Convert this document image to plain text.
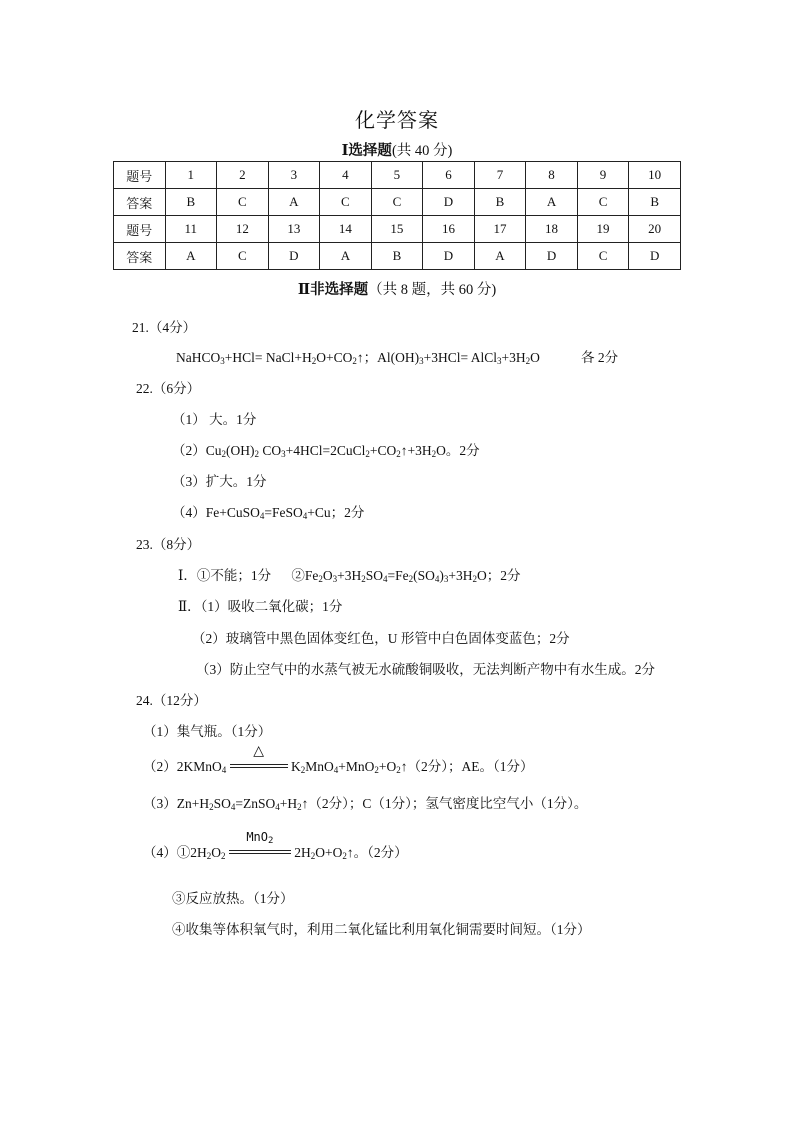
化学答案
Ⅰ选择题(共 40 分)
题号	1	2	3	4	5	6	7	8	9	10
答案	B	C	A	C	C	D	B	A	C	B
题号	11	12	13	14	15	16	17	18	19	20
答案	A	C	D	A	B	D	A	D	C	D
Ⅱ非选择题（共 8 题，共 60 分)
21.（4分）
NaHCO$_3$+HCl= $NaCl+H_2O+CO_2↑$；$Al(OH)_3+3HCl=$ $AlCl_3+3H_2O$	各 2分
22.（6分）
（1） 大。1分
$(2)Cu_2(OH)_2$ $CO_3+4HCl=2CuCl_2+CO_2↑+3H_2O$。2分
（3）扩大。1分
（4）Fe+CuSO$_4$=FeSO$_4$+Cu；2分
23.（8分）
Ⅰ．①不能；1分      $②Fe_2O_3+3H_2SO_4=Fe_2(SO_4)_3+3H_2O$；2分
Ⅱ．（1）吸收二氧化碳；1分
（2）玻璃管中黑色固体变红色，U 形管中白色固体变蓝色；2分
（3）防止空气中的水蒸气被无水硫酸铜吸收，无法判断产物中有水生成。2分
24.（12分）
（1）集气瓶。（1分）
（2）2KMnO$_4$
△
$K_2MnO_4+MnO_2+O_2↑(2$分）；AE。（1分）
$(3)Zn+H_2SO_4=ZnSO_4+H_2↑(2$分）；C（1分）；氢气密度比空气小（1分）。
$(4)①2H_2O_2$
MnO$_2$
$2H_2O+O_2↑$。（2分）
③反应放热。（1分）
④收集等体积氧气时，利用二氧化锰比利用氧化铜需要时间短。（1分）
